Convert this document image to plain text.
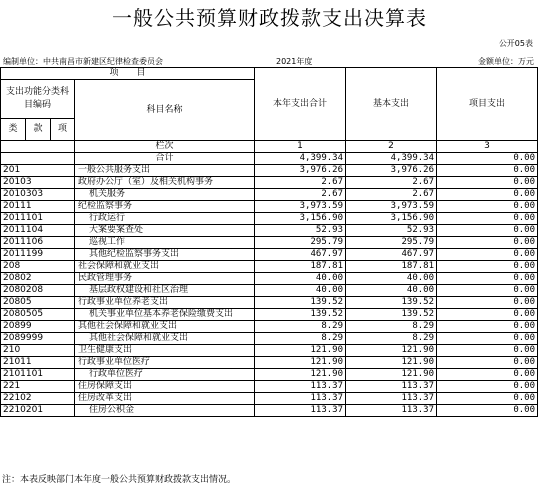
一般公共预算财政拨款支出决算表
公开05表
编制单位：中共南昌市新建区纪律检查委员会	2021年度	金额单位：万元
项　　目				本年支出合计	基本支出	项目支出
支出功能分类科目编码			科目名称			

类	款	项				
			栏次	1	2	3
			合计	4,399.34	4,399.34	0.00
201			一般公共服务支出	3,976.26	3,976.26	0.00
20103			政府办公厅（室）及相关机构事务	2.67	2.67	0.00
2010303			机关服务	2.67	2.67	0.00
20111			纪检监察事务	3,973.59	3,973.59	0.00
2011101			行政运行	3,156.90	3,156.90	0.00
2011104			大案要案查处	52.93	52.93	0.00
2011106			巡视工作	295.79	295.79	0.00
2011199			其他纪检监察事务支出	467.97	467.97	0.00
208			社会保障和就业支出	187.81	187.81	0.00
20802			民政管理事务	40.00	40.00	0.00
2080208			基层政权建设和社区治理	40.00	40.00	0.00
20805			行政事业单位养老支出	139.52	139.52	0.00
2080505			机关事业单位基本养老保险缴费支出	139.52	139.52	0.00
20899			其他社会保障和就业支出	8.29	8.29	0.00
2089999			其他社会保障和就业支出	8.29	8.29	0.00
210			卫生健康支出	121.90	121.90	0.00
21011			行政事业单位医疗	121.90	121.90	0.00
2101101			行政单位医疗	121.90	121.90	0.00
221			住房保障支出	113.37	113.37	0.00
22102			住房改革支出	113.37	113.37	0.00
2210201			住房公积金	113.37	113.37	0.00
注：本表反映部门本年度一般公共预算财政拨款支出情况。
